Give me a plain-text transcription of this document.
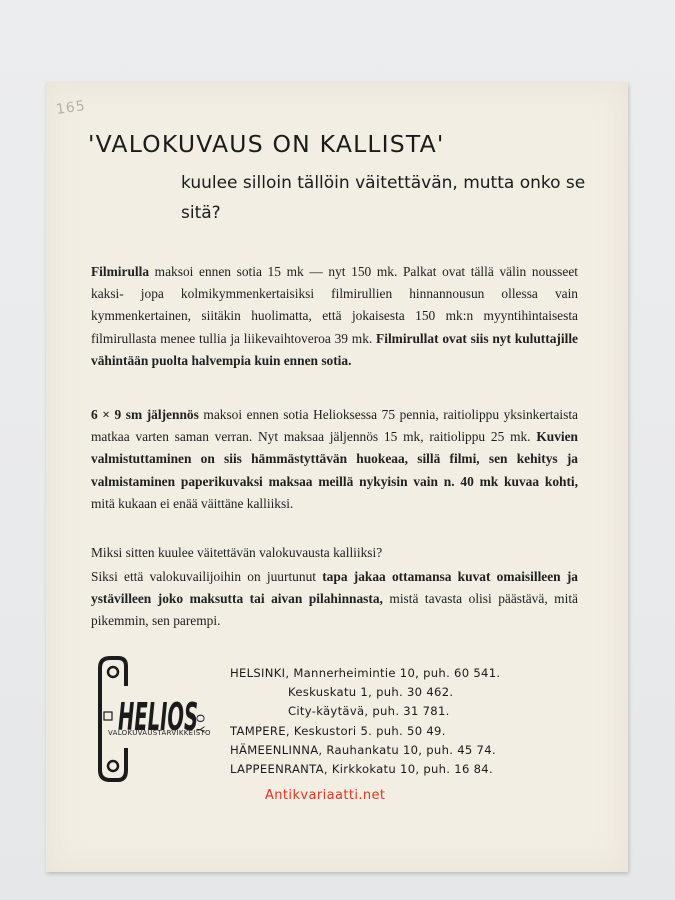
165
'VALOKUVAUS ON KALLISTA'
kuulee silloin tällöin väitettävän, mutta onko se sitä?
Filmirulla maksoi ennen sotia 15 mk — nyt 150 mk. Palkat ovat tällä välin nousseet kaksi- jopa kolmikymmenkertaisiksi filmirullien hinnannousun ollessa vain kymmenkertainen, siitäkin huolimatta, että jokaisesta 150 mk:n myyntihintaisesta filmirullasta menee tullia ja liikevaihtoveroa 39 mk. Filmirullat ovat siis nyt kuluttajille vähintään puolta halvempia kuin ennen sotia.
6 × 9 sm jäljennös maksoi ennen sotia Helioksessa 75 pennia, raitiolippu yksinkertaista matkaa varten saman verran. Nyt maksaa jäljennös 15 mk, raitiolippu 25 mk. Kuvien valmistuttaminen on siis hämmästyttävän huokeaa, sillä filmi, sen kehitys ja valmistaminen paperikuvaksi maksaa meillä nykyisin vain n. 40 mk kuvaa kohti, mitä kukaan ei enää väittäne kalliiksi.
Miksi sitten kuulee väitettävän valokuvausta kalliiksi?
Siksi että valokuvailijoihin on juurtunut tapa jakaa ottamansa kuvat omaisilleen ja ystävilleen joko maksutta tai aivan pilahinnasta, mistä tavasta olisi päästävä, mitä pikemmin, sen parempi.
HELIOS
O Y
VALOKUVAUSTARVIKKEISTO
HELSINKI, Mannerheimintie 10, puh. 60 541.
Keskuskatu 1, puh. 30 462.
City-käytävä, puh. 31 781.
TAMPERE, Keskustori 5. puh. 50 49.
HÄMEENLINNA, Rauhankatu 10, puh. 45 74.
LAPPEENRANTA, Kirkkokatu 10, puh. 16 84.
Antikvariaatti.net
